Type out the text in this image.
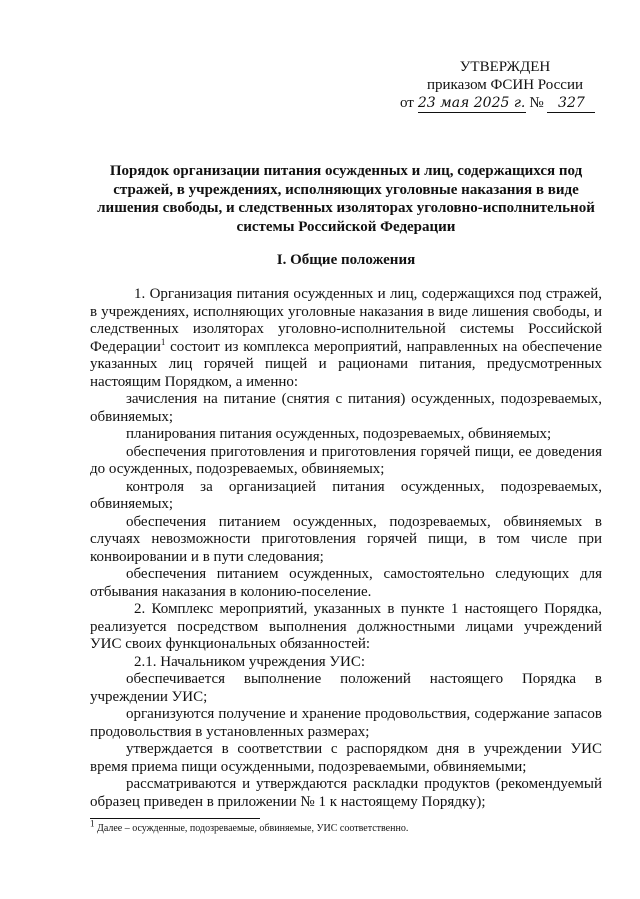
УТВЕРЖДЕН
приказом ФСИН России
от 23 мая 2025 г. № 327
Порядок организации питания осужденных и лиц, содержащихся под стражей, в учреждениях, исполняющих уголовные наказания в виде лишения свободы, и следственных изоляторах уголовно-исполнительной системы Российской Федерации
I. Общие положения

1. Организация питания осужденных и лиц, содержащихся под стражей, в учреждениях, исполняющих уголовные наказания в виде лишения свободы, и следственных изоляторах уголовно-исполнительной системы Российской Федерации$^1$ состоит из комплекса мероприятий, направленных на обеспечение указанных лиц горячей пищей и рационами питания, предусмотренных настоящим Порядком, а именно:

зачисления на питание (снятия с питания) осужденных, подозреваемых, обвиняемых;

планирования питания осужденных, подозреваемых, обвиняемых;

обеспечения приготовления и приготовления горячей пищи, ее доведения до осужденных, подозреваемых, обвиняемых;

контроля за организацией питания осужденных, подозреваемых, обвиняемых;

обеспечения питанием осужденных, подозреваемых, обвиняемых в случаях невозможности приготовления горячей пищи, в том числе при конвоировании и в пути следования;

обеспечения питанием осужденных, самостоятельно следующих для отбывания наказания в колонию-поселение.

2. Комплекс мероприятий, указанных в пункте 1 настоящего Порядка, реализуется посредством выполнения должностными лицами учреждений УИС своих функциональных обязанностей:

2.1. Начальником учреждения УИС:

обеспечивается выполнение положений настоящего Порядка в учреждении УИС;

организуются получение и хранение продовольствия, содержание запасов продовольствия в установленных размерах;

утверждается в соответствии с распорядком дня в учреждении УИС время приема пищи осужденными, подозреваемыми, обвиняемыми;

рассматриваются и утверждаются раскладки продуктов (рекомендуемый образец приведен в приложении № 1 к настоящему Порядку);

$^1$ Далее – осужденные, подозреваемые, обвиняемые, УИС соответственно.
